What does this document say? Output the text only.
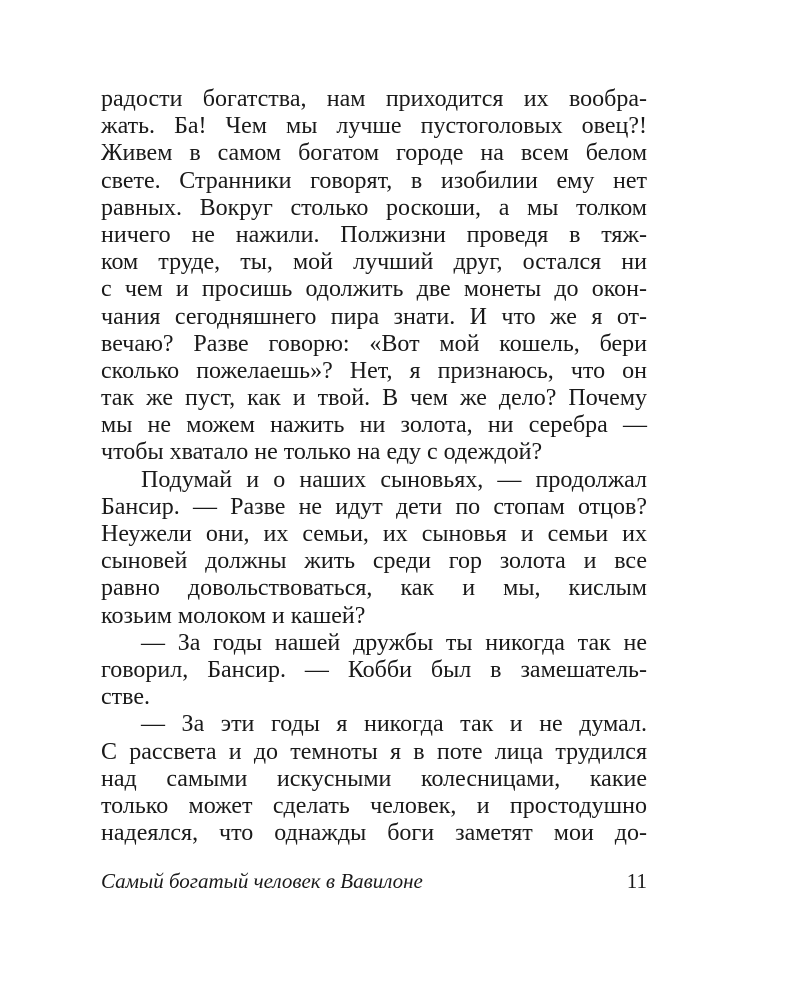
радости богатства, нам приходится их вообра-
жать. Ба! Чем мы лучше пустоголовых овец?!
Живем в самом богатом городе на всем белом
свете. Странники говорят, в изобилии ему нет
равных. Вокруг столько роскоши, а мы толком
ничего не нажили. Полжизни проведя в тяж-
ком труде, ты, мой лучший друг, остался ни
с чем и просишь одолжить две монеты до окон-
чания сегодняшнего пира знати. И что же я от-
вечаю? Разве говорю: «Вот мой кошель, бери
сколько пожелаешь»? Нет, я признаюсь, что он
так же пуст, как и твой. В чем же дело? Почему
мы не можем нажить ни золота, ни серебра —
чтобы хватало не только на еду с одеждой?
Подумай и о наших сыновьях, — продолжал
Бансир. — Разве не идут дети по стопам отцов?
Неужели они, их семьи, их сыновья и семьи их
сыновей должны жить среди гор золота и все
равно довольствоваться, как и мы, кислым
козьим молоком и кашей?
— За годы нашей дружбы ты никогда так не
говорил, Бансир. — Кобби был в замешатель-
стве.
— За эти годы я никогда так и не думал.
С рассвета и до темноты я в поте лица трудился
над самыми искусными колесницами, какие
только может сделать человек, и простодушно
надеялся, что однажды боги заметят мои до-
Самый богатый человек в Вавилоне	11
